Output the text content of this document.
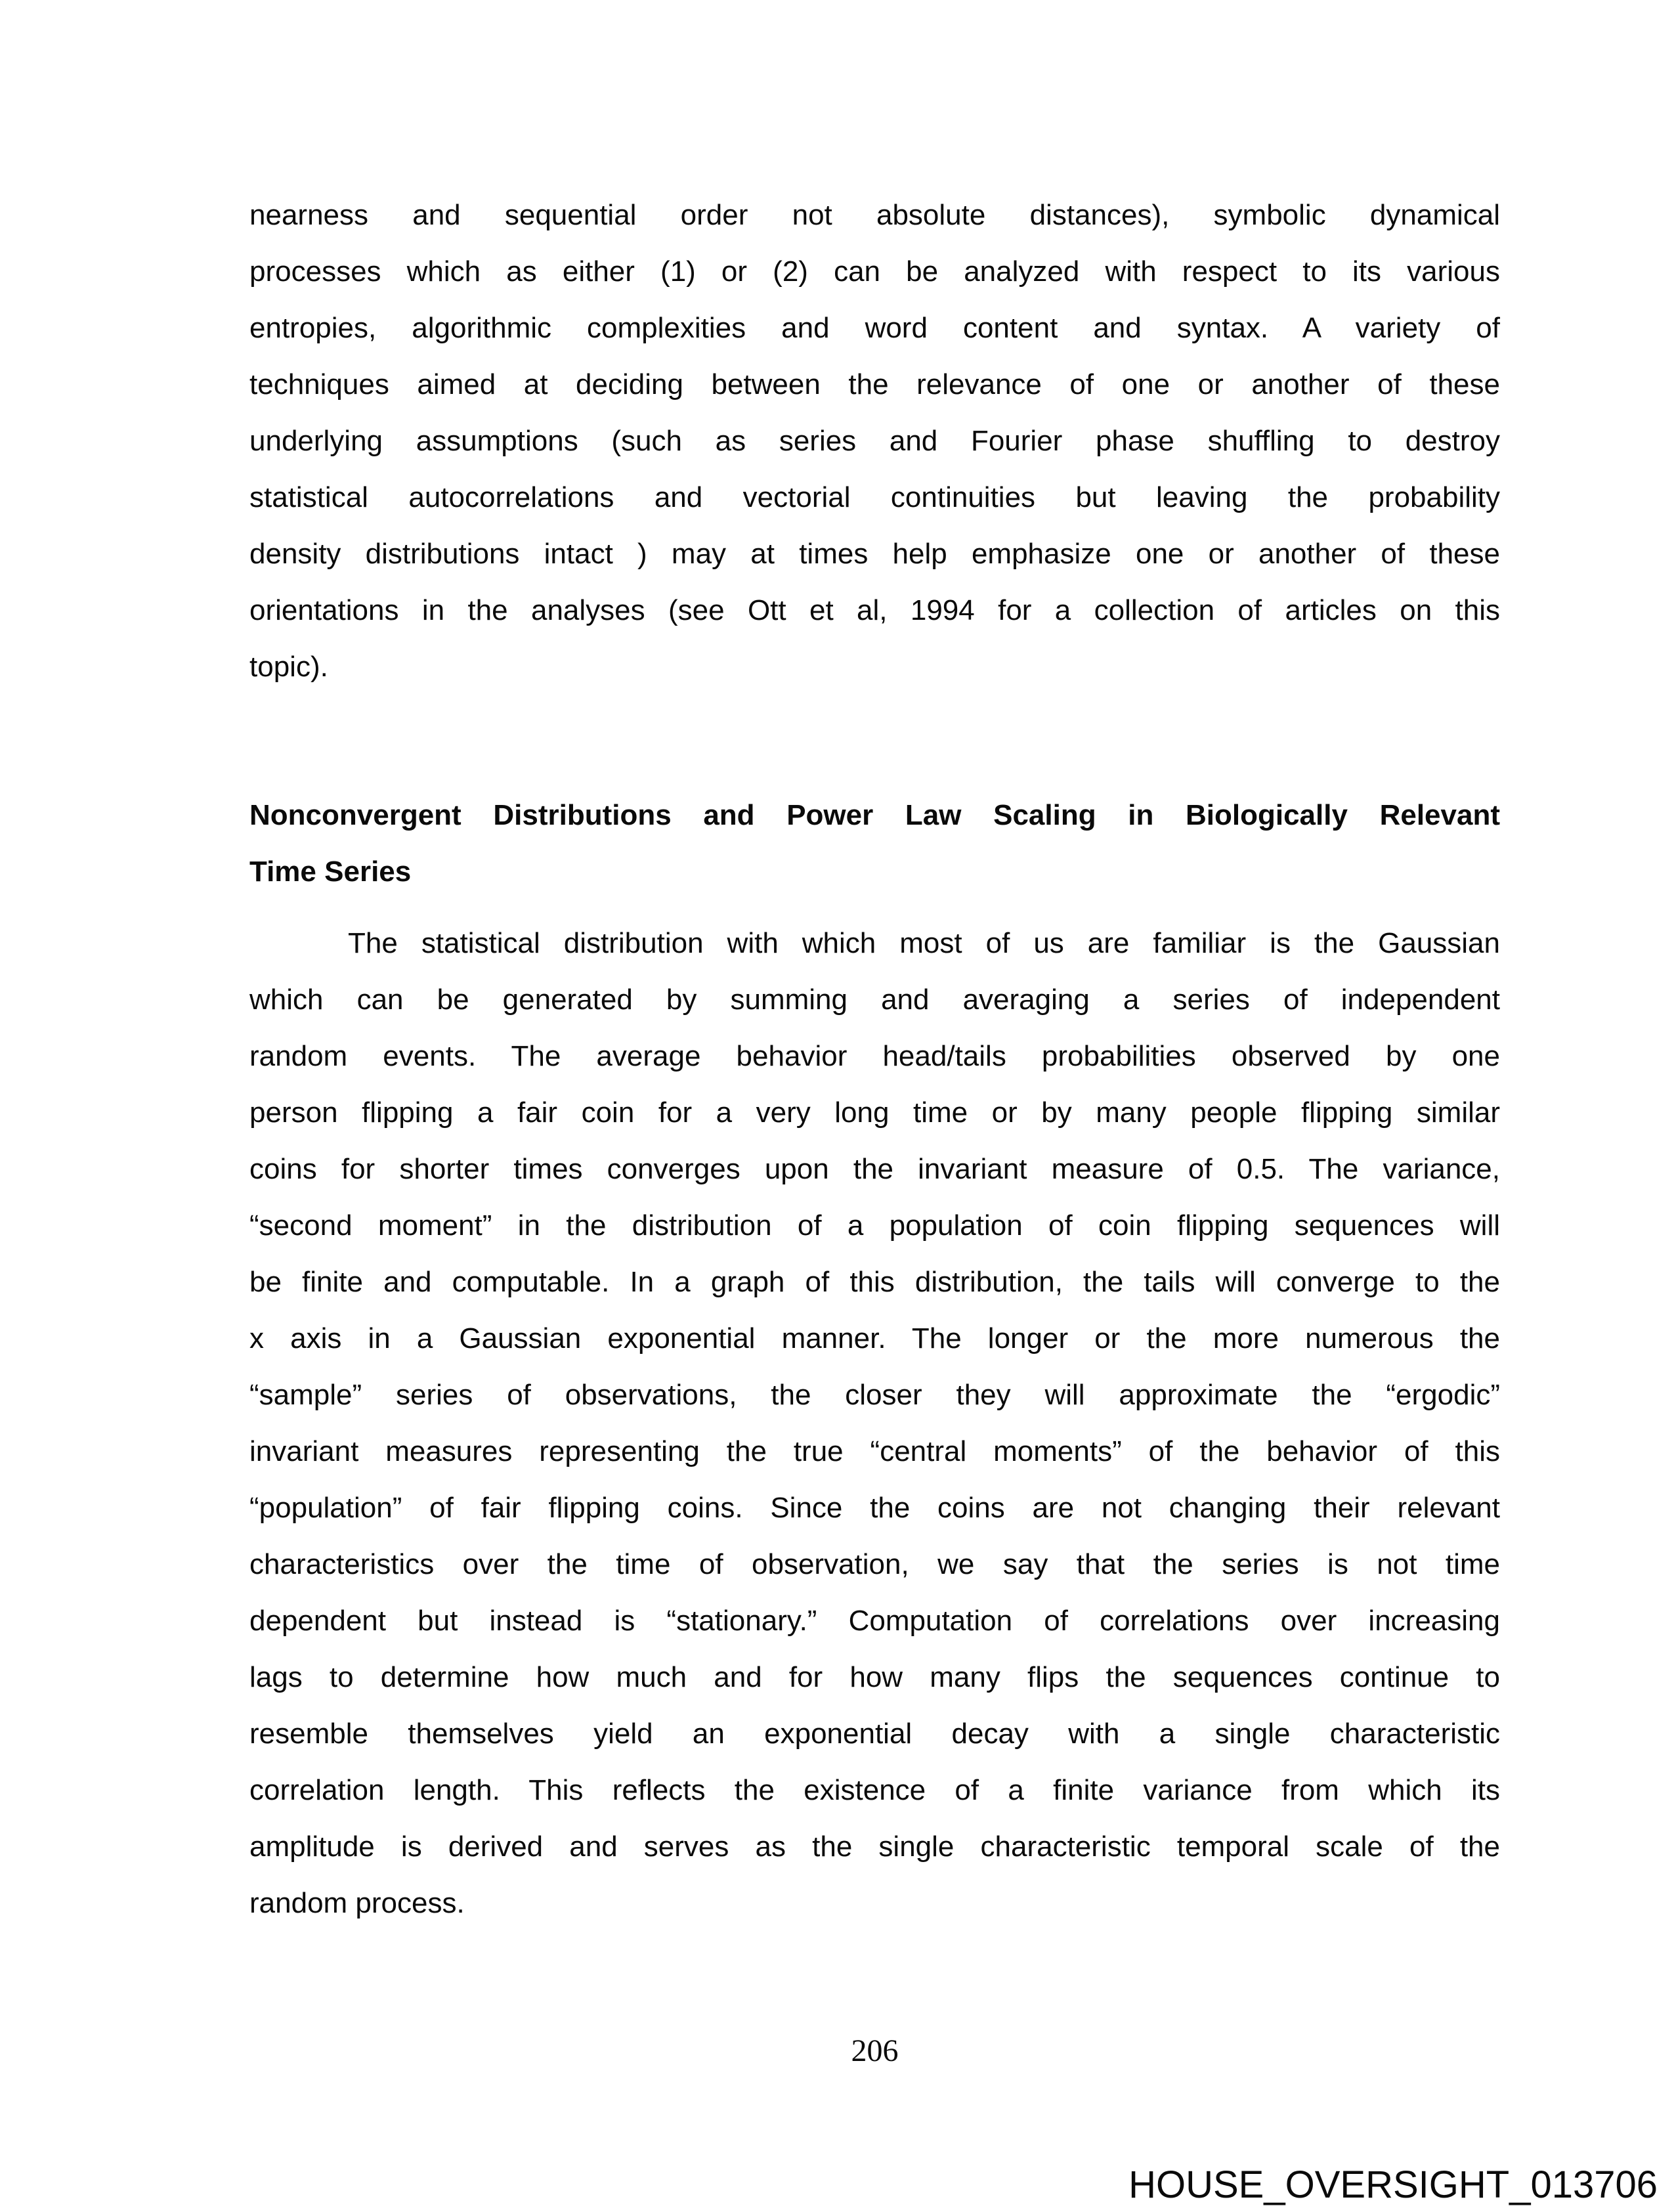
nearness and sequential order not absolute distances), symbolic dynamical
processes which as either (1) or (2) can be analyzed with respect to its various
entropies, algorithmic complexities and word content and syntax. A variety of
techniques aimed at deciding between the relevance of one or another of these
underlying assumptions (such as series and Fourier phase shuffling to destroy
statistical autocorrelations and vectorial continuities but leaving the probability
density distributions intact ) may at times help emphasize one or another of these
orientations in the analyses (see Ott et al, 1994 for a collection of articles on this
topic).
Nonconvergent Distributions and Power Law Scaling in Biologically Relevant
Time Series
The statistical distribution with which most of us are familiar is the Gaussian
which can be generated by summing and averaging a series of independent
random events. The average behavior head/tails probabilities observed by one
person flipping a fair coin for a very long time or by many people flipping similar
coins for shorter times converges upon the invariant measure of 0.5. The variance,
“second moment” in the distribution of a population of coin flipping sequences will
be finite and computable. In a graph of this distribution, the tails will converge to the
x axis in a Gaussian exponential manner. The longer or the more numerous the
“sample” series of observations, the closer they will approximate the “ergodic”
invariant measures representing the true “central moments” of the behavior of this
“population” of fair flipping coins. Since the coins are not changing their relevant
characteristics over the time of observation, we say that the series is not time
dependent but instead is “stationary.” Computation of correlations over increasing
lags to determine how much and for how many flips the sequences continue to
resemble themselves yield an exponential decay with a single characteristic
correlation length. This reflects the existence of a finite variance from which its
amplitude is derived and serves as the single characteristic temporal scale of the
random process.
206
HOUSE_OVERSIGHT_013706
